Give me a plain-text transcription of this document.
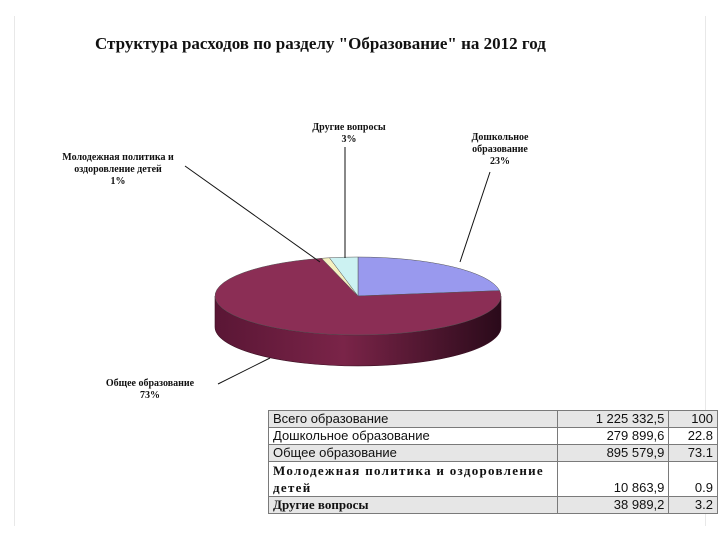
Структура расходов по разделу "Образование" на 2012 год
Дошкольное
образование
23%
Общее образование
73%
Молодежная политика и
оздоровление детей
1%
Другие вопросы
3%
Всего образование	1 225 332,5	100
Дошкольное образование	279 899,6	22.8
Общее образование	895 579,9	73.1
Молодежная политика и оздоровление детей	10 863,9	0.9
Другие вопросы	38 989,2	3.2
